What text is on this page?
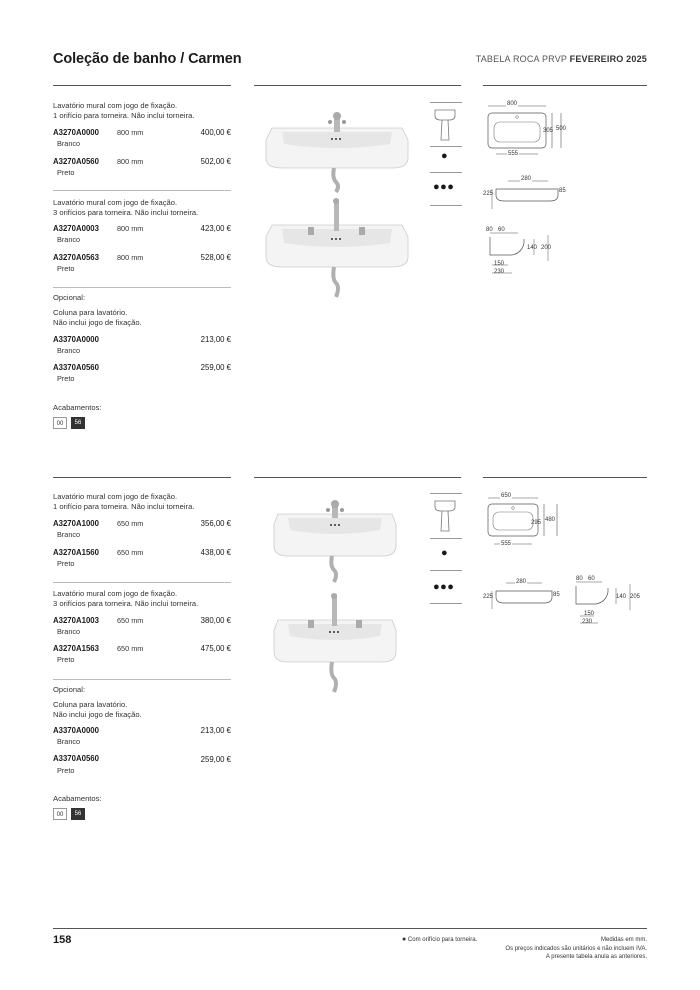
Coleção de banho / Carmen	TABELA ROCA PRVP FEVEREIRO 2025
Lavatório mural com jogo de fixação.
1 orifício para torneira. Não inclui torneira.
A3270A0000 800 mm	400,00 €
Branco
A3270A0560 800 mm	502,00 €
Preto
Lavatório mural com jogo de fixação.
3 orifícios para torneira. Não inclui torneira.
A3270A0003 800 mm	423,00 €
Branco
A3270A0563 800 mm	528,00 €
Preto
Opcional:
Coluna para lavatório.
Não inclui jogo de fixação.
A3370A0000	213,00 €
Branco
A3370A0560	259,00 €
Preto
Acabamentos:
00	56
●
●●●
800
305 500
555
280
225	85
80 60
140 200
150
230
Lavatório mural com jogo de fixação.
1 orifício para torneira. Não inclui torneira.
A3270A1000 650 mm	356,00 €
Branco
A3270A1560 650 mm	438,00 €
Preto
Lavatório mural com jogo de fixação.
3 orifícios para torneira. Não inclui torneira.
A3270A1003 650 mm	380,00 €
Branco
A3270A1563 650 mm	475,00 €
Preto
Opcional:
Coluna para lavatório.
Não inclui jogo de fixação.
A3370A0000	213,00 €
Branco
A3370A0560	259,00 €
Preto
Acabamentos:
00	56
●
●●●
650
295 480
555
280
225	85
80 60
140 205
150
230
158	● Com orifício para torneira.	Medidas em mm.
Os preços indicados são unitários e não incluem IVA.
A presente tabela anula as anteriores.
